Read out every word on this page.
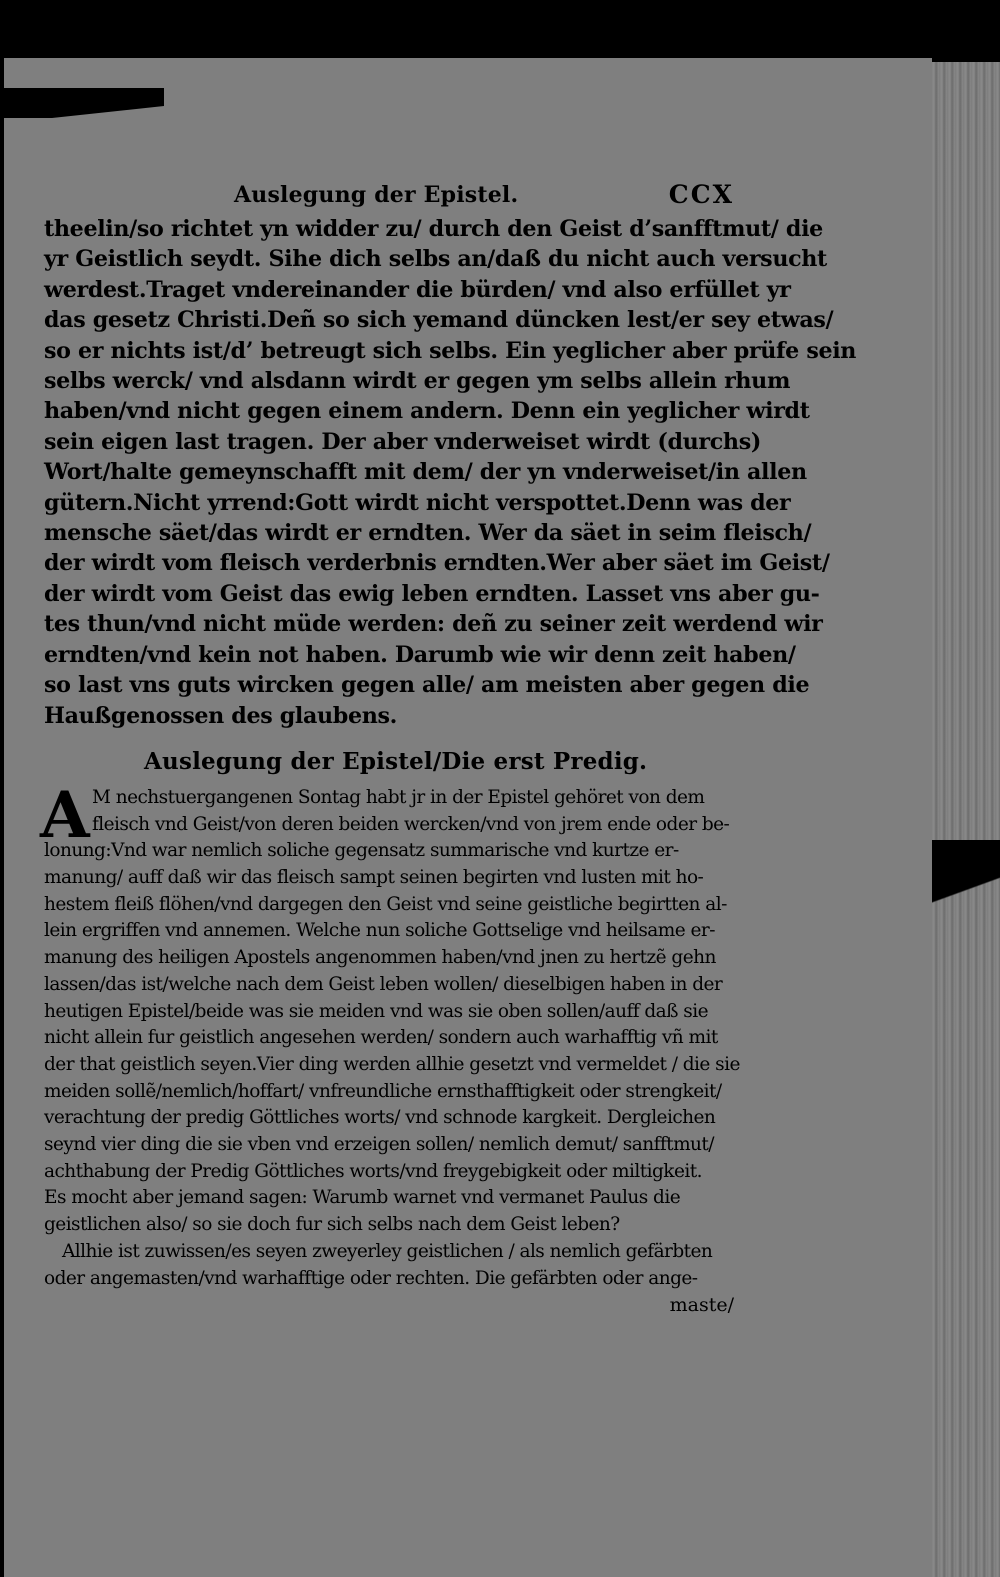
Auslegung der Epistel.	CCX

theelin/so richtet yn widder zu/ durch den Geist d’sanfftmut/ die

yr Geistlich seydt. Sihe dich selbs an/daß du nicht auch versucht

werdest.Traget vndereinander die bürden/ vnd also erfüllet yr

das gesetz Christi.Deñ so sich yemand düncken lest/er sey etwas/

so er nichts ist/d’ betreugt sich selbs. Ein yeglicher aber prüfe sein

selbs werck/ vnd alsdann wirdt er gegen ym selbs allein rhum

haben/vnd nicht gegen einem andern. Denn ein yeglicher wirdt

sein eigen last tragen. Der aber vnderweiset wirdt (durchs)

Wort/halte gemeynschafft mit dem/ der yn vnderweiset/in allen

gütern.Nicht yrrend:Gott wirdt nicht verspottet.Denn was der

mensche säet/das wirdt er erndten. Wer da säet in seim fleisch/

der wirdt vom fleisch verderbnis erndten.Wer aber säet im Geist/

der wirdt vom Geist das ewig leben erndten. Lasset vns aber gu-

tes thun/vnd nicht müde werden: deñ zu seiner zeit werdend wir

erndten/vnd kein not haben. Darumb wie wir denn zeit haben/

so last vns guts wircken gegen alle/ am meisten aber gegen die

Haußgenossen des glaubens.

Auslegung der Epistel/Die erst Predig.
A M nechstuergangenen Sontag habt jr in der Epistel gehöret von dem

fleisch vnd Geist/von deren beiden wercken/vnd von jrem ende oder be-

lonung:Vnd war nemlich soliche gegensatz summarische vnd kurtze er-

manung/ auff daß wir das fleisch sampt seinen begirten vnd lusten mit ho-

hestem fleiß flöhen/vnd dargegen den Geist vnd seine geistliche begirtten al-

lein ergriffen vnd annemen. Welche nun soliche Gottselige vnd heilsame er-

manung des heiligen Apostels angenommen haben/vnd jnen zu hertzẽ gehn

lassen/das ist/welche nach dem Geist leben wollen/ dieselbigen haben in der

heutigen Epistel/beide was sie meiden vnd was sie oben sollen/auff daß sie

nicht allein fur geistlich angesehen werden/ sondern auch warhafftig vñ mit

der that geistlich seyen.Vier ding werden allhie gesetzt vnd vermeldet / die sie

meiden sollẽ/nemlich/hoffart/ vnfreundliche ernsthafftigkeit oder strengkeit/

verachtung der predig Göttliches worts/ vnd schnode kargkeit. Dergleichen

seynd vier ding die sie vben vnd erzeigen sollen/ nemlich demut/ sanfftmut/

achthabung der Predig Göttliches worts/vnd freygebigkeit oder miltigkeit.

Es mocht aber jemand sagen: Warumb warnet vnd vermanet Paulus die

geistlichen also/ so sie doch fur sich selbs nach dem Geist leben?

Allhie ist zuwissen/es seyen zweyerley geistlichen / als nemlich gefärbten

oder angemasten/vnd warhafftige oder rechten. Die gefärbten oder ange-

maste/
